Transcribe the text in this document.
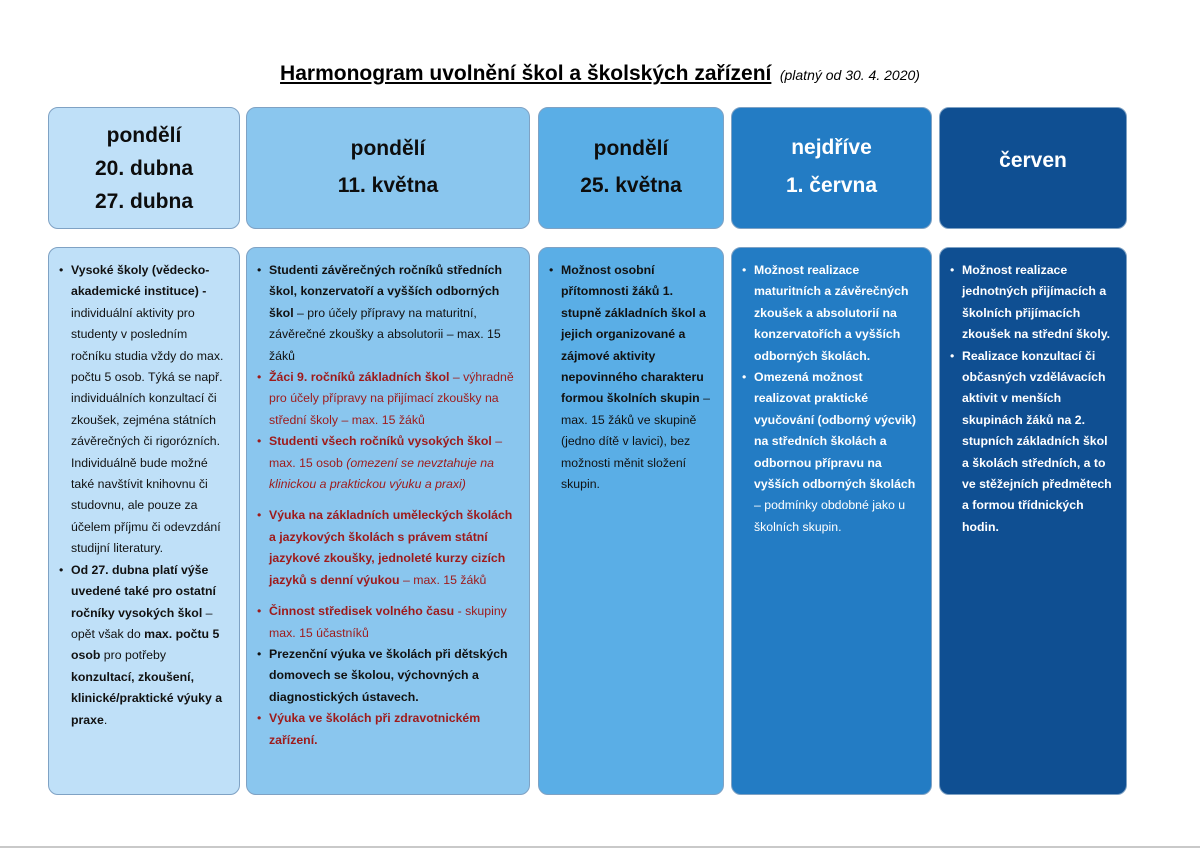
Harmonogram uvolnění škol a školských zařízení (platný od 30. 4. 2020)
pondělí
20. dubna
27. dubna
pondělí
11. května
pondělí
25. května
nejdříve
1. června
červen
• Vysoké školy (vědecko-akademické instituce) - individuální aktivity pro studenty v posledním ročníku studia vždy do max. počtu 5 osob. Týká se např. individuálních konzultací či zkoušek, zejména státních závěrečných či rigorózních. Individuálně bude možné také navštívit knihovnu či studovnu, ale pouze za účelem příjmu či odevzdání studijní literatury.
• Od 27. dubna platí výše uvedené také pro ostatní ročníky vysokých škol – opět však do max. počtu 5 osob pro potřeby konzultací, zkoušení, klinické/praktické výuky a praxe.
• Studenti závěrečných ročníků středních škol, konzervatoří a vyšších odborných škol – pro účely přípravy na maturitní, závěrečné zkoušky a absolutorii – max. 15 žáků
• Žáci 9. ročníků základních škol – výhradně pro účely přípravy na přijímací zkoušky na střední školy – max. 15 žáků
• Studenti všech ročníků vysokých škol – max. 15 osob (omezení se nevztahuje na klinickou a praktickou výuku a praxi)
• Výuka na základních uměleckých školách a jazykových školách s právem státní jazykové zkoušky, jednoleté kurzy cizích jazyků s denní výukou – max. 15 žáků
• Činnost středisek volného času - skupiny max. 15 účastníků
• Prezenční výuka ve školách při dětských domovech se školou, výchovných a diagnostických ústavech.
• Výuka ve školách při zdravotnickém zařízení.
• Možnost osobní přítomnosti žáků 1. stupně základních škol a jejich organizované a zájmové aktivity nepovinného charakteru formou školních skupin – max. 15 žáků ve skupině (jedno dítě v lavici), bez možnosti měnit složení skupin.
• Možnost realizace maturitních a závěrečných zkoušek a absolutorií na konzervatořích a vyšších odborných školách.
• Omezená možnost realizovat praktické vyučování (odborný výcvik) na středních školách a odbornou přípravu na vyšších odborných školách – podmínky obdobné jako u školních skupin.
• Možnost realizace jednotných přijímacích a školních přijímacích zkoušek na střední školy.
• Realizace konzultací či občasných vzdělávacích aktivit v menších skupinách žáků na 2. stupních základních škol a školách středních, a to ve stěžejních předmětech a formou třídnických hodin.
